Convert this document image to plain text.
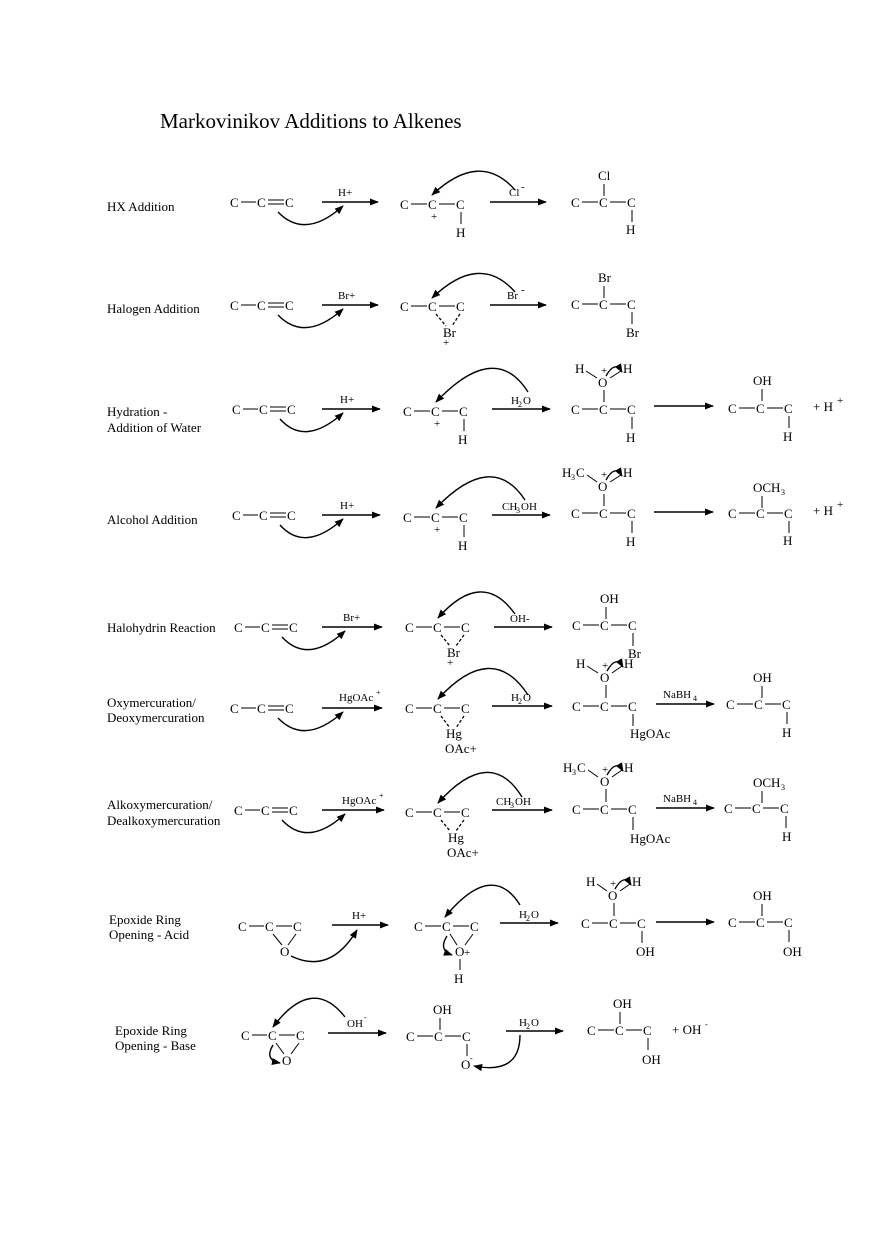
Markovinikov Additions to Alkenes
HX Addition	C C C
H+
C C
+
C
H
Cl -
Cl
C C C
H
Halogen Addition C C C
Br+
C C C
Br
+
Br -
Br
C C C
Br
Hydration -
Addition of Water
C C C
H+
C C
+
C
H
H 2 O
H	H
+
O
C C C
H
OH
C C C
H
+ H +
Alcohol Addition	C C C
H+
C C
+
C
H
CH
3 OH
H 3 C	H
+
O
C C C
H
OCH 3
C C C
H
+ H +
Halohydrin Reaction C C C
Br+
C C C
Br
+
OH-
OH
C C C
Br
Oxymercuration/
Deoxymercuration
C C C
HgOAc +
C C C
Hg
OAc+
H 2 O
H	H
+
O
C C C
HgOAc
NaBH 4
OH
C C C
H
Alkoxymercuration/
Dealkoxymercuration
C C C
HgOAc +
C C C
Hg
OAc+
CH
3 OH
H 3 C	H
+
O
C C C
HgOAc
NaBH 4
OCH 3
C C C
H
Epoxide Ring
Opening - Acid
C C C
O
H+
C C C
O +
H
H 2 O
H	H
+
O
C C C
OH
OH
C C C
OH
Epoxide Ring
Opening - Base
C C C
O
OH
-
OH
C C C
O -
H 2 O
OH
C C C
OH
+ OH -
